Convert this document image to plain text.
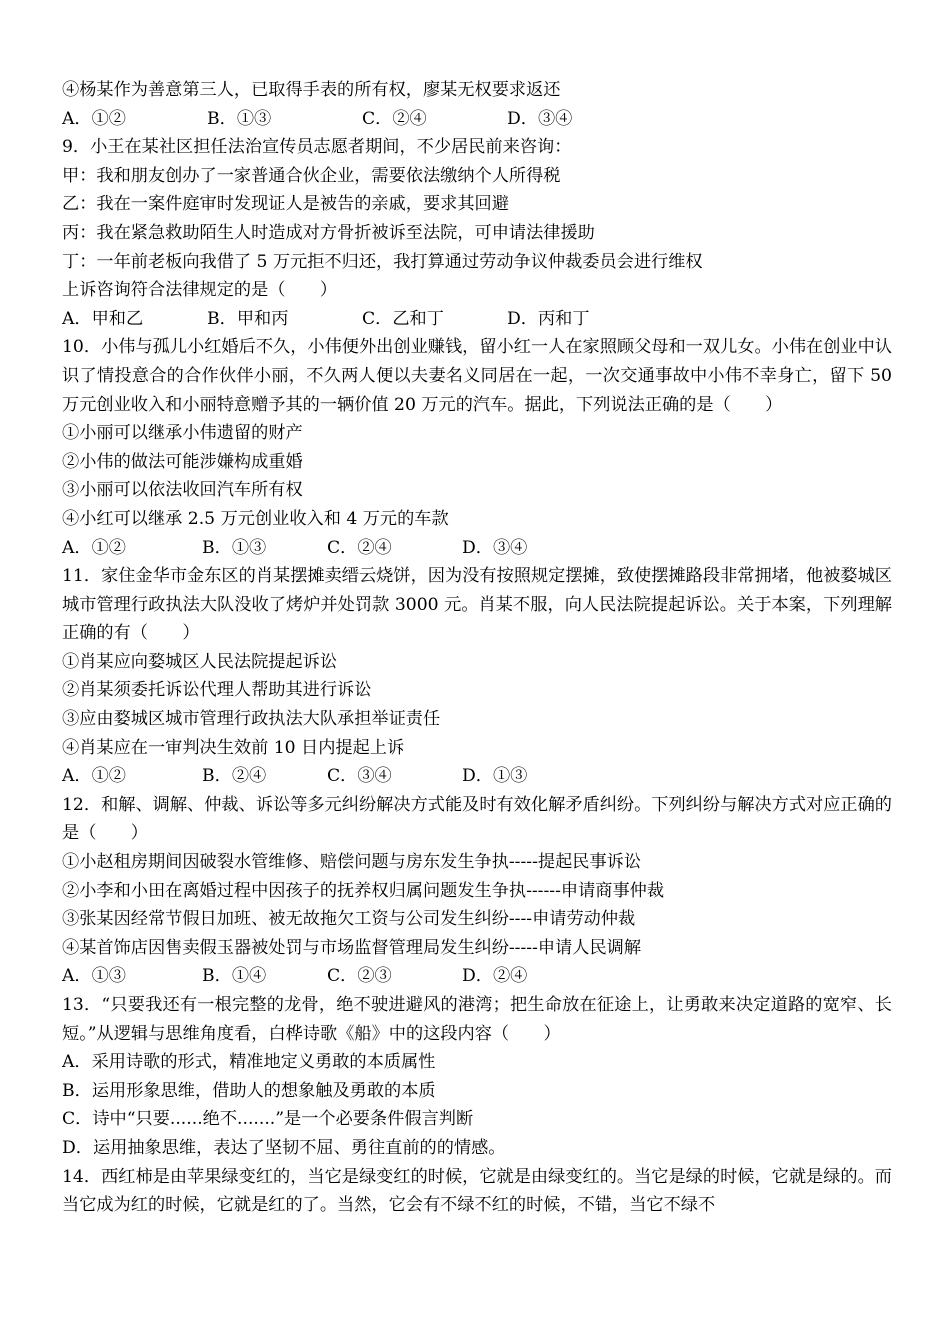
④杨某作为善意第三人，已取得手表的所有权，廖某无权要求返还
A．①②	B．①③	C．②④	D．③④
9．小王在某社区担任法治宣传员志愿者期间，不少居民前来咨询：
甲：我和朋友创办了一家普通合伙企业，需要依法缴纳个人所得税
乙：我在一案件庭审时发现证人是被告的亲戚，要求其回避
丙：我在紧急救助陌生人时造成对方骨折被诉至法院，可申请法律援助
丁：一年前老板向我借了 5 万元拒不归还，我打算通过劳动争议仲裁委员会进行维权
上诉咨询符合法律规定的是（　　）
A．甲和乙	B．甲和丙	C．乙和丁	D．丙和丁
10．小伟与孤儿小红婚后不久，小伟便外出创业赚钱，留小红一人在家照顾父母和一双儿女。小伟在创业中认识了情投意合的合作伙伴小丽，不久两人便以夫妻名义同居在一起，一次交通事故中小伟不幸身亡，留下 50 万元创业收入和小丽特意赠予其的一辆价值 20 万元的汽车。据此，下列说法正确的是（　　）
①小丽可以继承小伟遗留的财产
②小伟的做法可能涉嫌构成重婚
③小丽可以依法收回汽车所有权
④小红可以继承 2.5 万元创业收入和 4 万元的车款
A．①②	B．①③	C．②④	D．③④
11．家住金华市金东区的肖某摆摊卖缙云烧饼，因为没有按照规定摆摊，致使摆摊路段非常拥堵，他被婺城区城市管理行政执法大队没收了烤炉并处罚款 3000 元。肖某不服，向人民法院提起诉讼。关于本案，下列理解正确的有（　　）
①肖某应向婺城区人民法院提起诉讼
②肖某须委托诉讼代理人帮助其进行诉讼
③应由婺城区城市管理行政执法大队承担举证责任
④肖某应在一审判决生效前 10 日内提起上诉
A．①②	B．②④	C．③④	D．①③
12．和解、调解、仲裁、诉讼等多元纠纷解决方式能及时有效化解矛盾纠纷。下列纠纷与解决方式对应正确的是（　　）
①小赵租房期间因破裂水管维修、赔偿问题与房东发生争执-----提起民事诉讼
②小李和小田在离婚过程中因孩子的抚养权归属问题发生争执------申请商事仲裁
③张某因经常节假日加班、被无故拖欠工资与公司发生纠纷----申请劳动仲裁
④某首饰店因售卖假玉器被处罚与市场监督管理局发生纠纷-----申请人民调解
A．①③	B．①④	C．②③	D．②④
13．“只要我还有一根完整的龙骨，绝不驶进避风的港湾；把生命放在征途上，让勇敢来决定道路的宽窄、长短。”从逻辑与思维角度看，白桦诗歌《船》中的这段内容（　　）
A．采用诗歌的形式，精准地定义勇敢的本质属性
B．运用形象思维，借助人的想象触及勇敢的本质
C．诗中“只要......绝不.......”是一个必要条件假言判断
D．运用抽象思维，表达了坚韧不屈、勇往直前的的情感。
14．西红柿是由苹果绿变红的，当它是绿变红的时候，它就是由绿变红的。当它是绿的时候，它就是绿的。而当它成为红的时候，它就是红的了。当然，它会有不绿不红的时候，不错，当它不绿不
